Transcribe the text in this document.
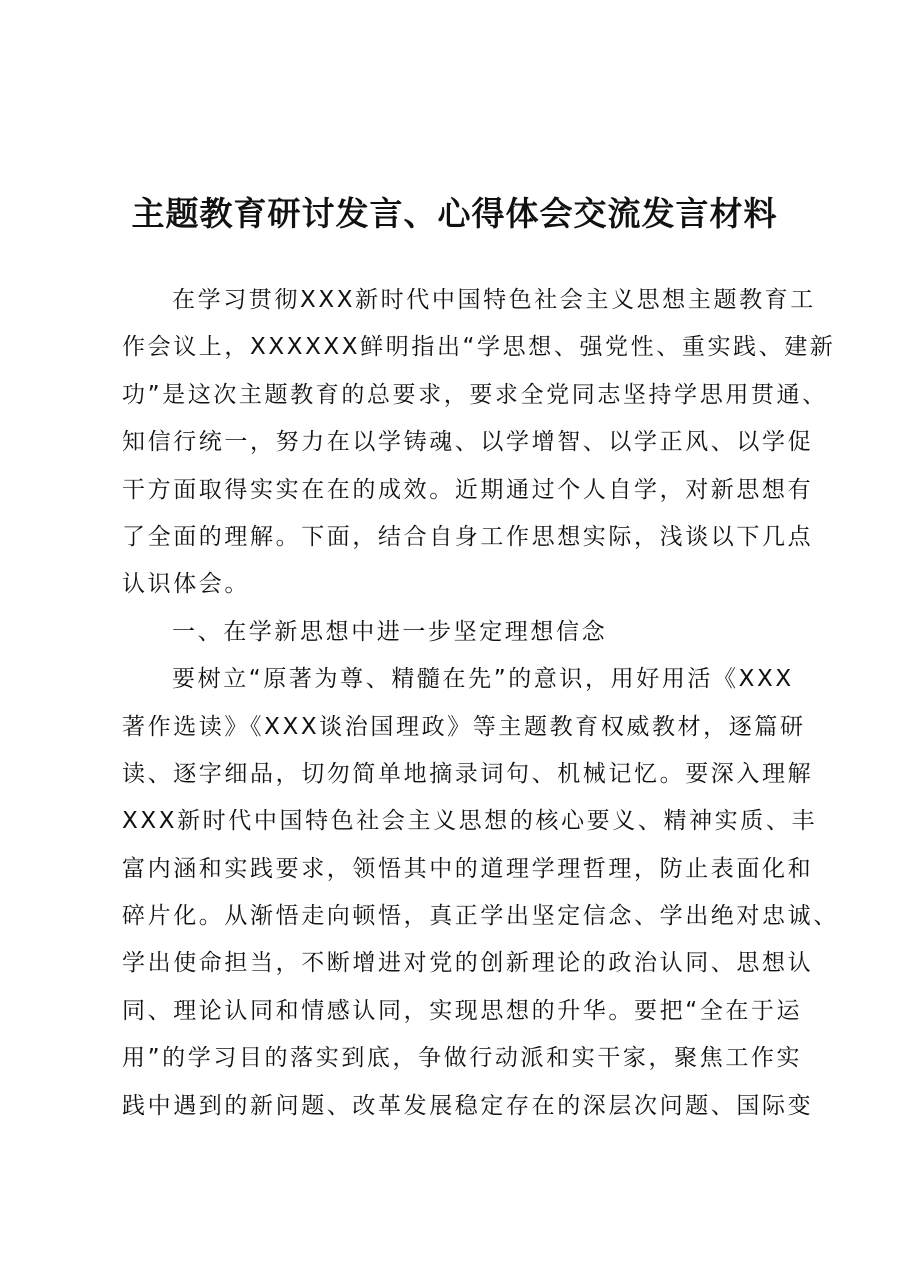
主题教育研讨发言、心得体会交流发言材料
在学习贯彻XXX新时代中国特色社会主义思想主题教育工
作会议上，XXXXXX鲜明指出“学思想、强党性、重实践、建新
功”是这次主题教育的总要求，要求全党同志坚持学思用贯通、
知信行统一，努力在以学铸魂、以学增智、以学正风、以学促
干方面取得实实在在的成效。近期通过个人自学，对新思想有
了全面的理解。下面，结合自身工作思想实际，浅谈以下几点
认识体会。
一、在学新思想中进一步坚定理想信念
要树立“原著为尊、精髓在先”的意识，用好用活《XXX
著作选读》《XXX谈治国理政》等主题教育权威教材，逐篇研
读、逐字细品，切勿简单地摘录词句、机械记忆。要深入理解
XXX新时代中国特色社会主义思想的核心要义、精神实质、丰
富内涵和实践要求，领悟其中的道理学理哲理，防止表面化和
碎片化。从渐悟走向顿悟，真正学出坚定信念、学出绝对忠诚、
学出使命担当，不断增进对党的创新理论的政治认同、思想认
同、理论认同和情感认同，实现思想的升华。要把“全在于运
用”的学习目的落实到底，争做行动派和实干家，聚焦工作实
践中遇到的新问题、改革发展稳定存在的深层次问题、国际变
